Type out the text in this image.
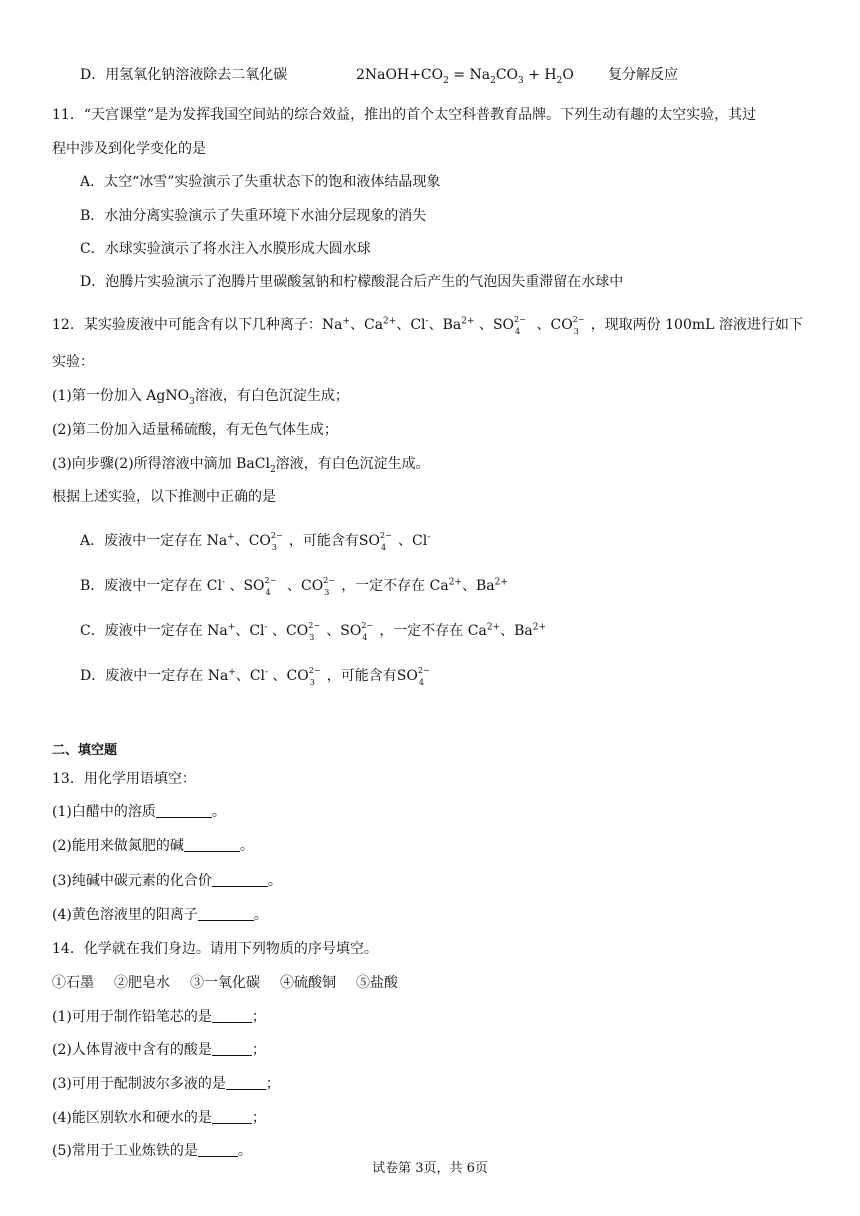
D．用氢氧化钠溶液除去二氧化碳	$2NaOH+CO_2 = Na_2CO_3 + H_2O$ 复分解反应
11．“天宫课堂”是为发挥我国空间站的综合效益，推出的首个太空科普教育品牌。下列生动有趣的太空实验，其过
程中涉及到化学变化的是
A．太空“冰雪”实验演示了失重状态下的饱和液体结晶现象
B．水油分离实验演示了失重环境下水油分层现象的消失
C．水球实验演示了将水注入水膜形成大圆水球
D．泡腾片实验演示了泡腾片里碳酸氢钠和柠檬酸混合后产生的气泡因失重滞留在水球中
12．某实验废液中可能含有以下几种离子：Na+、$Ca^{2+}$、Cl-、$Ba^{2+}$ 、SO 2−
4 、CO 2−
3 ，现取两份 100mL 溶液进行如下
实验：
(1)第一份加入 AgNO$_3$溶液，有白色沉淀生成；
(2)第二份加入适量稀硫酸，有无色气体生成；
(3)向步骤(2)所得溶液中滴加 BaCl$_2$溶液，有白色沉淀生成。
根据上述实验，以下推测中正确的是
A．废液中一定存在 Na+、CO 2−
3 ，可能含有SO 2−
4 、Cl-
B．废液中一定存在 Cl- 、SO 2−
4 、CO 2−
3 ，一定不存在 $Ca^{2+}$、$Ba^{2+}$
C．废液中一定存在 Na+、Cl- 、CO 2−
3 、SO 2−
4 ，一定不存在 $Ca^{2+}$、$Ba^{2+}$
D．废液中一定存在 Na+、Cl- 、CO 2−
3 ，可能含有SO 2−
4
二、填空题
13．用化学用语填空：
(1)白醋中的溶质	。
(2)能用来做氮肥的碱	。
(3)纯碱中碳元素的化合价	。
(4)黄色溶液里的阳离子	。
14．化学就在我们身边。请用下列物质的序号填空。
①石墨 ②肥皂水 ③一氧化碳 ④硫酸铜 ⑤盐酸
(1)可用于制作铅笔芯的是	；
(2)人体胃液中含有的酸是	；
(3)可用于配制波尔多液的是	；
(4)能区别软水和硬水的是	；
(5)常用于工业炼铁的是	。
试卷第 3页，共 6页
